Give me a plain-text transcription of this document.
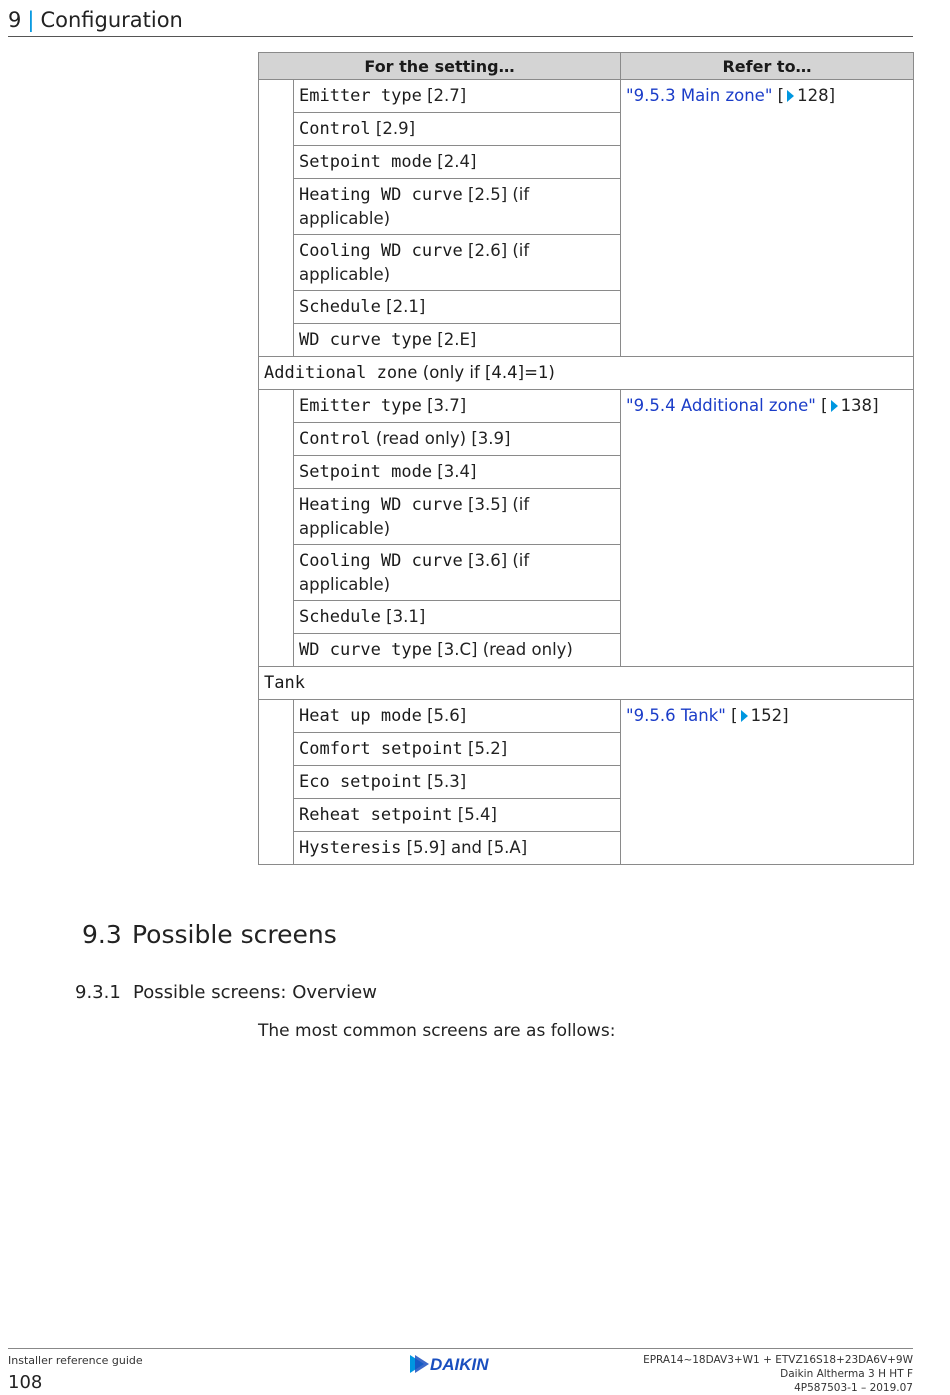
9 | Configuration
For the setting…		Refer to…
	Emitter type [2.7]	"9.5.3 Main zone" [ 128]
	Control [2.9]	
	Setpoint mode [2.4]	
	Heating WD curve [2.5] (if applicable)	
	Cooling WD curve [2.6] (if applicable)	
	Schedule [2.1]	
	WD curve type [2.E]	
Additional zone (only if [4.4]=1)		
	Emitter type [3.7]	"9.5.4 Additional zone" [ 138]
	Control (read only) [3.9]	
	Setpoint mode [3.4]	
	Heating WD curve [3.5] (if applicable)	
	Cooling WD curve [3.6] (if applicable)	
	Schedule [3.1]	
	WD curve type [3.C] (read only)	
Tank		
	Heat up mode [5.6]	"9.5.6 Tank" [ 152]
	Comfort setpoint [5.2]	
	Eco setpoint [5.3]	
	Reheat setpoint [5.4]	
	Hysteresis [5.9] and [5.A]	
9.3 Possible screens
9.3.1 Possible screens: Overview
The most common screens are as follows:
Installer reference guide
108
DAIKIN	EPRA14~18DAV3+W1 + ETVZ16S18+23DA6V+9W
Daikin Altherma 3 H HT F
4P587503-1 – 2019.07
